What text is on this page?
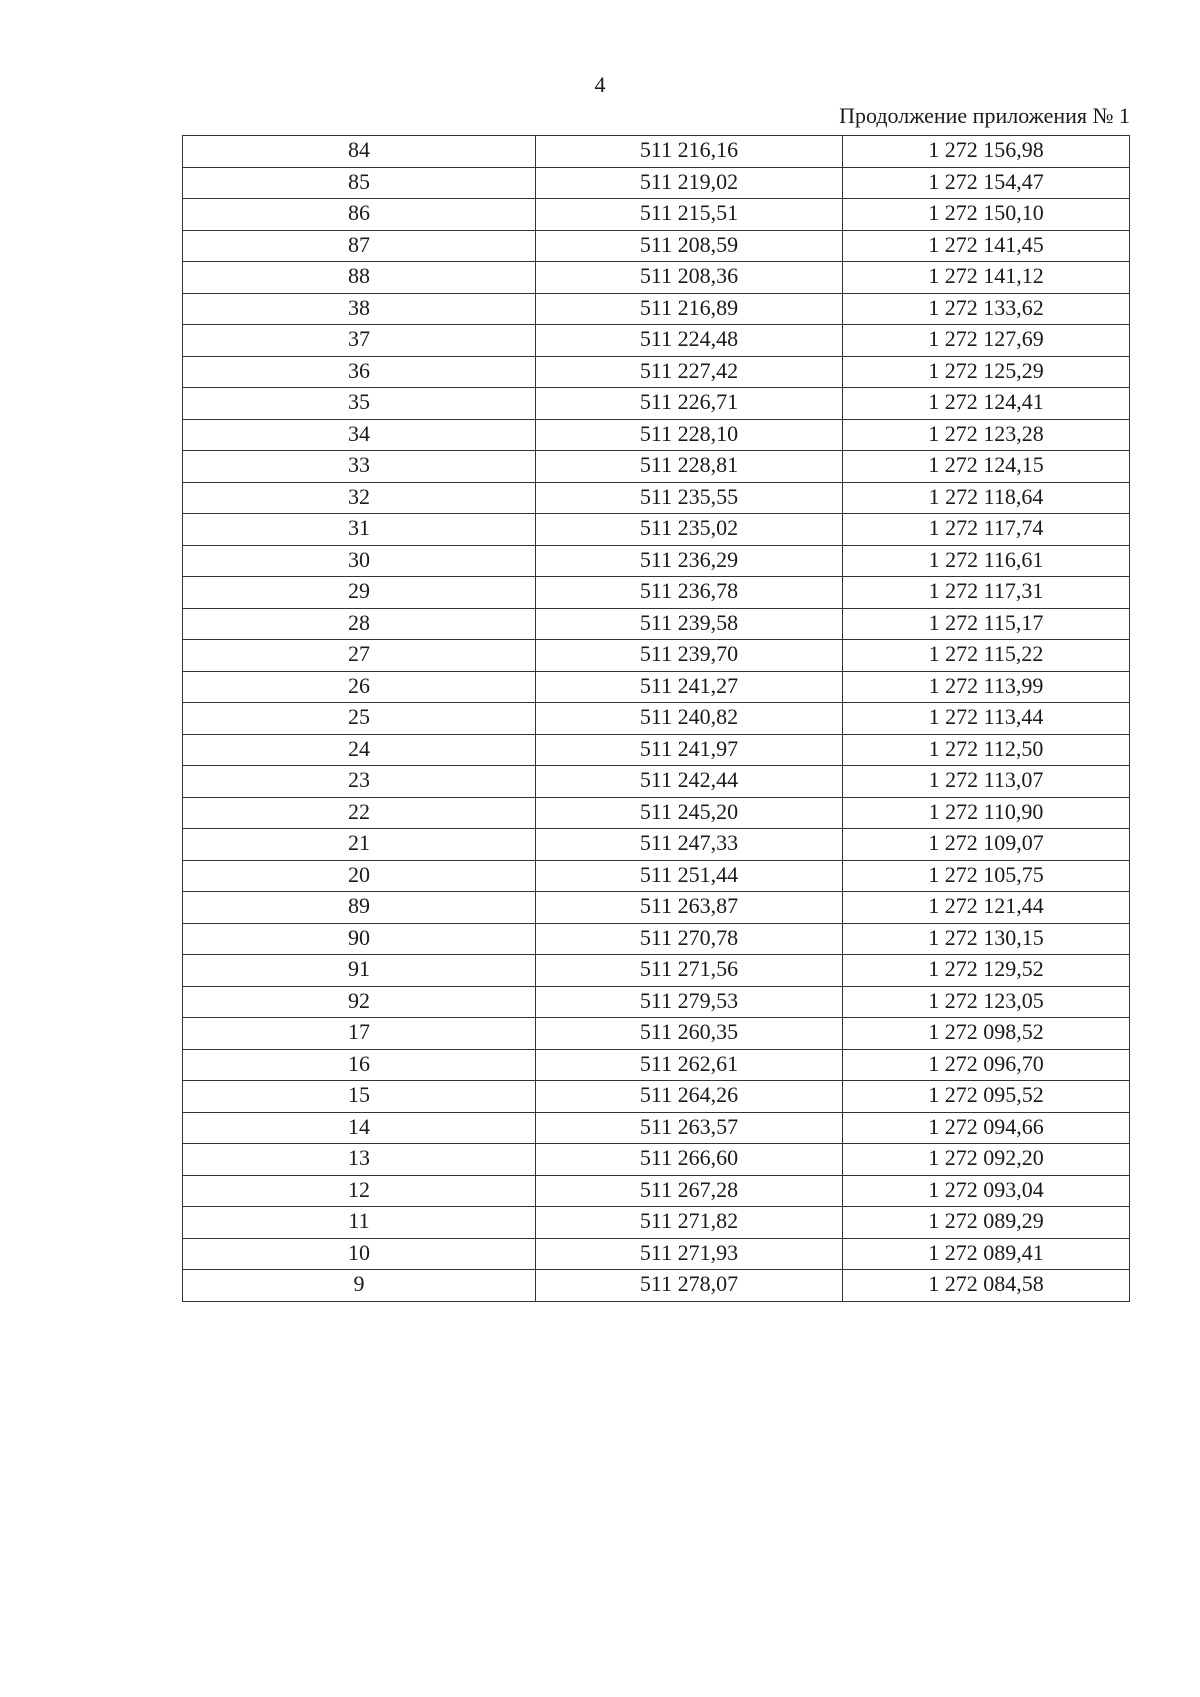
4
Продолжение приложения № 1
84	511 216,16	1 272 156,98
85	511 219,02	1 272 154,47
86	511 215,51	1 272 150,10
87	511 208,59	1 272 141,45
88	511 208,36	1 272 141,12
38	511 216,89	1 272 133,62
37	511 224,48	1 272 127,69
36	511 227,42	1 272 125,29
35	511 226,71	1 272 124,41
34	511 228,10	1 272 123,28
33	511 228,81	1 272 124,15
32	511 235,55	1 272 118,64
31	511 235,02	1 272 117,74
30	511 236,29	1 272 116,61
29	511 236,78	1 272 117,31
28	511 239,58	1 272 115,17
27	511 239,70	1 272 115,22
26	511 241,27	1 272 113,99
25	511 240,82	1 272 113,44
24	511 241,97	1 272 112,50
23	511 242,44	1 272 113,07
22	511 245,20	1 272 110,90
21	511 247,33	1 272 109,07
20	511 251,44	1 272 105,75
89	511 263,87	1 272 121,44
90	511 270,78	1 272 130,15
91	511 271,56	1 272 129,52
92	511 279,53	1 272 123,05
17	511 260,35	1 272 098,52
16	511 262,61	1 272 096,70
15	511 264,26	1 272 095,52
14	511 263,57	1 272 094,66
13	511 266,60	1 272 092,20
12	511 267,28	1 272 093,04
11	511 271,82	1 272 089,29
10	511 271,93	1 272 089,41
9	511 278,07	1 272 084,58
